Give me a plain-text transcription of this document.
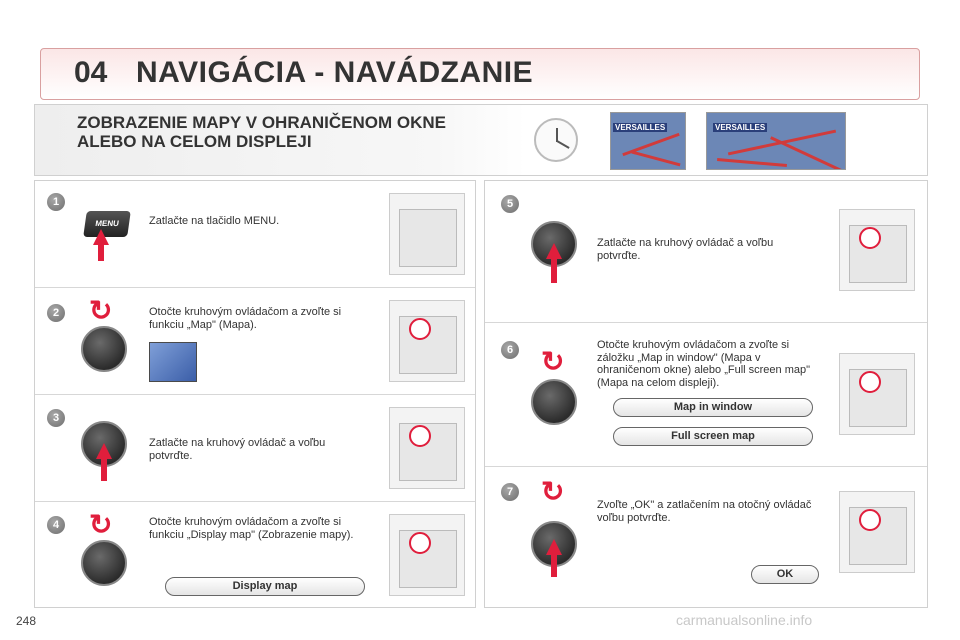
04 NAVIGÁCIA - NAVÁDZANIE
ZOBRAZENIE MAPY V OHRANIČENOM OKNE ALEBO NA CELOM DISPLEJI
VERSAILLES	VERSAILLES
1
MENU	Zatlačte na tlačidlo MENU.
2 ↻	Otočte kruhovým ovládačom a zvoľte si funkciu „Map" (Mapa).
3
Zatlačte na kruhový ovládač a voľbu potvrďte.
4 ↻	Otočte kruhovým ovládačom a zvoľte si funkciu „Display map" (Zobrazenie mapy).
Display map
5
Zatlačte na kruhový ovládač a voľbu potvrďte.
6 ↻
Otočte kruhovým ovládačom a zvoľte si záložku „Map in window" (Mapa v ohraničenom okne) alebo „Full screen map" (Mapa na celom displeji).
Map in window
Full screen map
7 ↻	Zvoľte „OK" a zatlačením na otočný ovládač voľbu potvrďte.
OK
248	carmanualsonline.info
